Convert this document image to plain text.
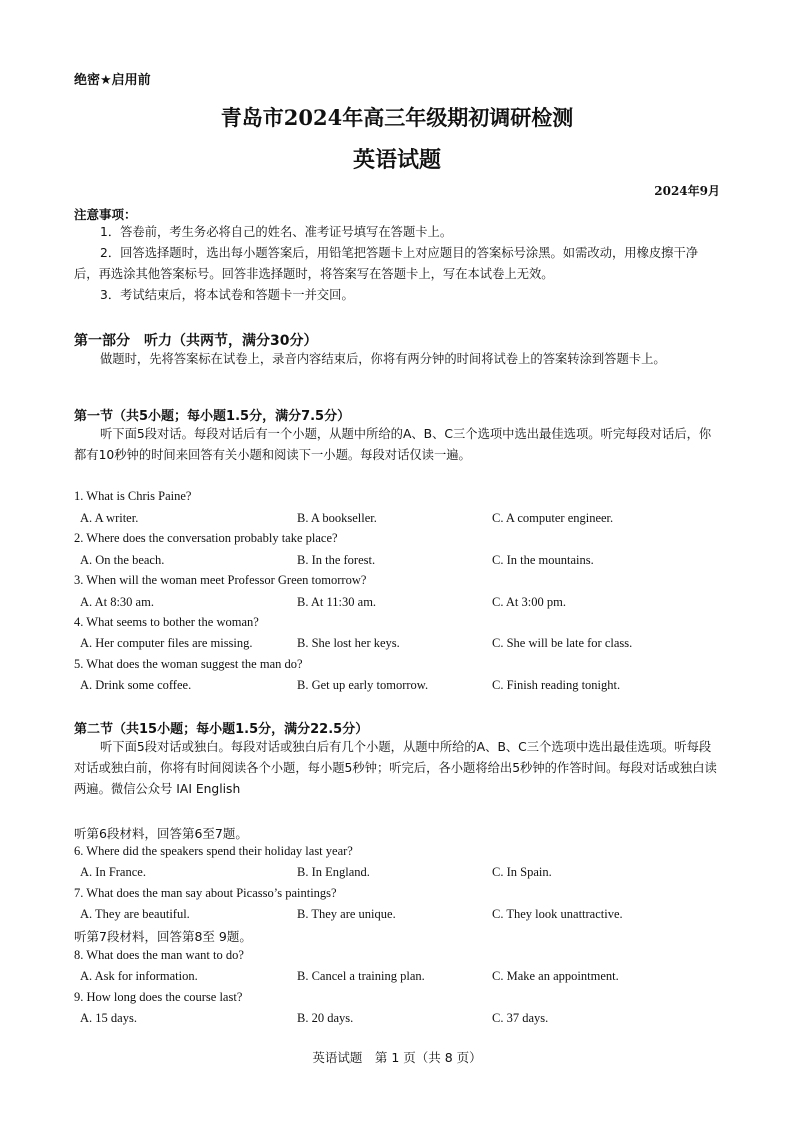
绝密★启用前
青岛市2024年高三年级期初调研检测
英语试题
2024年9月
注意事项：
1．答卷前，考生务必将自己的姓名、准考证号填写在答题卡上。
2．回答选择题时，选出每小题答案后，用铅笔把答题卡上对应题目的答案标号涂黑。如需改动，用橡皮擦干净后，再选涂其他答案标号。回答非选择题时，将答案写在答题卡上，写在本试卷上无效。
3．考试结束后，将本试卷和答题卡一并交回。
第一部分　听力（共两节，满分30分）
做题时，先将答案标在试卷上，录音内容结束后，你将有两分钟的时间将试卷上的答案转涂到答题卡上。
第一节（共5小题；每小题1.5分，满分7.5分）
听下面5段对话。每段对话后有一个小题，从题中所给的A、B、C三个选项中选出最佳选项。听完每段对话后，你都有10秒钟的时间来回答有关小题和阅读下一小题。每段对话仅读一遍。
1. What is Chris Paine?
A. A writer.	B. A bookseller.	C. A computer engineer.
2. Where does the conversation probably take place?
A. On the beach.	B. In the forest.	C. In the mountains.
3. When will the woman meet Professor Green tomorrow?
A. At 8:30 am.	B. At 11:30 am.	C. At 3:00 pm.
4. What seems to bother the woman?
A. Her computer files are missing.	B. She lost her keys.	C. She will be late for class.
5. What does the woman suggest the man do?
A. Drink some coffee.	B. Get up early tomorrow.	C. Finish reading tonight.
第二节（共15小题；每小题1.5分，满分22.5分）
听下面5段对话或独白。每段对话或独白后有几个小题，从题中所给的A、B、C三个选项中选出最佳选项。听每段对话或独白前，你将有时间阅读各个小题，每小题5秒钟；听完后，各小题将给出5秒钟的作答时间。每段对话或独白读两遍。微信公众号 IAI English
听第6段材料，回答第6至7题。
6. Where did the speakers spend their holiday last year?
A. In France.	B. In England.	C. In Spain.
7. What does the man say about Picasso’s paintings?
A. They are beautiful.	B. They are unique.	C. They look unattractive.
听第7段材料，回答第8至 9题。
8. What does the man want to do?
A. Ask for information.	B. Cancel a training plan.	C. Make an appointment.
9. How long does the course last?
A. 15 days.	B. 20 days.	C. 37 days.
英语试题　第 1 页（共 8 页）
